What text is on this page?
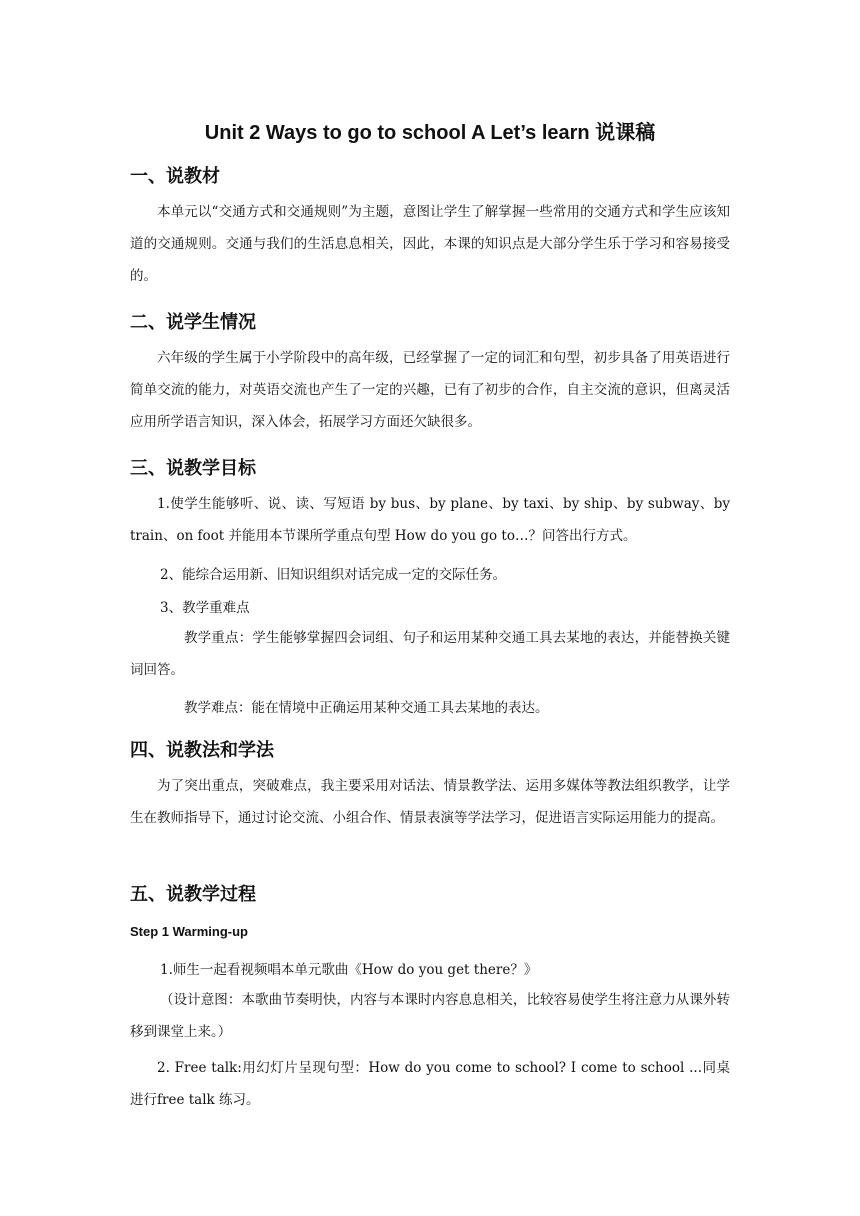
Unit 2 Ways to go to school A Let’s learn 说课稿
一、说教材
本单元以“交通方式和交通规则”为主题，意图让学生了解掌握一些常用的交通方式和学生应该知道的交通规则。交通与我们的生活息息相关，因此，本课的知识点是大部分学生乐于学习和容易接受的。
二、说学生情况
六年级的学生属于小学阶段中的高年级，已经掌握了一定的词汇和句型，初步具备了用英语进行简单交流的能力，对英语交流也产生了一定的兴趣，已有了初步的合作，自主交流的意识，但离灵活应用所学语言知识，深入体会，拓展学习方面还欠缺很多。
三、说教学目标
1.使学生能够听、说、读、写短语 by bus、by plane、by taxi、by ship、by subway、by train、on foot 并能用本节课所学重点句型 How do you go to…？问答出行方式。
2、能综合运用新、旧知识组织对话完成一定的交际任务。
3、教学重难点
教学重点：学生能够掌握四会词组、句子和运用某种交通工具去某地的表达，并能替换关键词回答。
教学难点：能在情境中正确运用某种交通工具去某地的表达。
四、说教法和学法
为了突出重点，突破难点，我主要采用对话法、情景教学法、运用多媒体等教法组织教学，让学生在教师指导下，通过讨论交流、小组合作、情景表演等学法学习，促进语言实际运用能力的提高。
五、说教学过程
Step 1 Warming-up
1.师生一起看视频唱本单元歌曲《How do you get there？》
（设计意图：本歌曲节奏明快，内容与本课时内容息息相关，比较容易使学生将注意力从课外转移到课堂上来。）
2. Free talk:用幻灯片呈现句型：How do you come to school? I come to school ...同桌进行free talk 练习。
